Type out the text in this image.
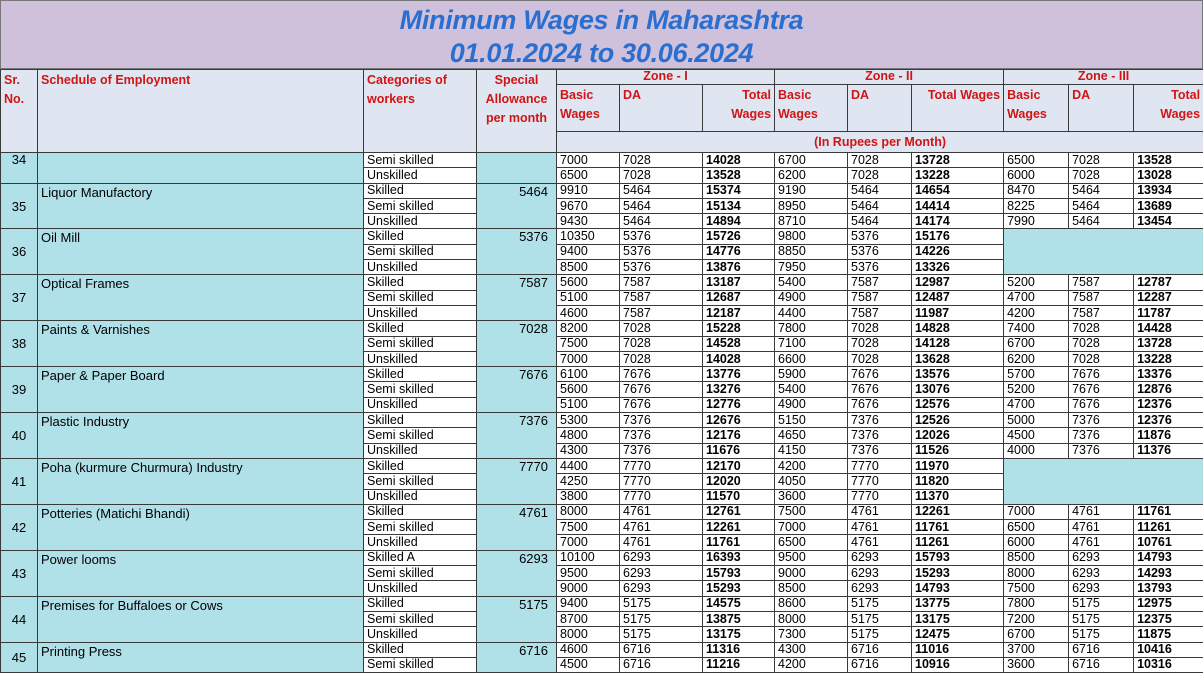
Minimum Wages in Maharashtra
01.01.2024 to 30.06.2024
Sr. No.	Schedule of Employment	Categories of workers	Special Allowance per month	Zone - I			Zone - II			Zone - III		
				Basic Wages	DA	Total Wages	Basic Wages	DA	Total Wages	Basic Wages	DA	Total Wages
				(In Rupees per Month)								
34		Semi skilled		7000	7028	14028	6700	7028	13728	6500	7028	13528
		Unskilled		6500	7028	13528	6200	7028	13228	6000	7028	13028
35	Liquor Manufactory	Skilled	5464	9910	5464	15374	9190	5464	14654	8470	5464	13934
		Semi skilled		9670	5464	15134	8950	5464	14414	8225	5464	13689
		Unskilled		9430	5464	14894	8710	5464	14174	7990	5464	13454
36	Oil Mill	Skilled	5376	10350	5376	15726	9800	5376	15176			
		Semi skilled		9400	5376	14776	8850	5376	14226			
		Unskilled		8500	5376	13876	7950	5376	13326			
37	Optical Frames	Skilled	7587	5600	7587	13187	5400	7587	12987	5200	7587	12787
		Semi skilled		5100	7587	12687	4900	7587	12487	4700	7587	12287
		Unskilled		4600	7587	12187	4400	7587	11987	4200	7587	11787
38	Paints & Varnishes	Skilled	7028	8200	7028	15228	7800	7028	14828	7400	7028	14428
		Semi skilled		7500	7028	14528	7100	7028	14128	6700	7028	13728
		Unskilled		7000	7028	14028	6600	7028	13628	6200	7028	13228
39	Paper & Paper Board	Skilled	7676	6100	7676	13776	5900	7676	13576	5700	7676	13376
		Semi skilled		5600	7676	13276	5400	7676	13076	5200	7676	12876
		Unskilled		5100	7676	12776	4900	7676	12576	4700	7676	12376
40	Plastic Industry	Skilled	7376	5300	7376	12676	5150	7376	12526	5000	7376	12376
		Semi skilled		4800	7376	12176	4650	7376	12026	4500	7376	11876
		Unskilled		4300	7376	11676	4150	7376	11526	4000	7376	11376
41	Poha (kurmure Churmura) Industry	Skilled	7770	4400	7770	12170	4200	7770	11970			
		Semi skilled		4250	7770	12020	4050	7770	11820			
		Unskilled		3800	7770	11570	3600	7770	11370			
42	Potteries (Matichi Bhandi)	Skilled	4761	8000	4761	12761	7500	4761	12261	7000	4761	11761
		Semi skilled		7500	4761	12261	7000	4761	11761	6500	4761	11261
		Unskilled		7000	4761	11761	6500	4761	11261	6000	4761	10761
43	Power looms	Skilled A	6293	10100	6293	16393	9500	6293	15793	8500	6293	14793
		Semi skilled		9500	6293	15793	9000	6293	15293	8000	6293	14293
		Unskilled		9000	6293	15293	8500	6293	14793	7500	6293	13793
44	Premises for Buffaloes or Cows	Skilled	5175	9400	5175	14575	8600	5175	13775	7800	5175	12975
		Semi skilled		8700	5175	13875	8000	5175	13175	7200	5175	12375
		Unskilled		8000	5175	13175	7300	5175	12475	6700	5175	11875
45	Printing Press	Skilled	6716	4600	6716	11316	4300	6716	11016	3700	6716	10416
		Semi skilled		4500	6716	11216	4200	6716	10916	3600	6716	10316
